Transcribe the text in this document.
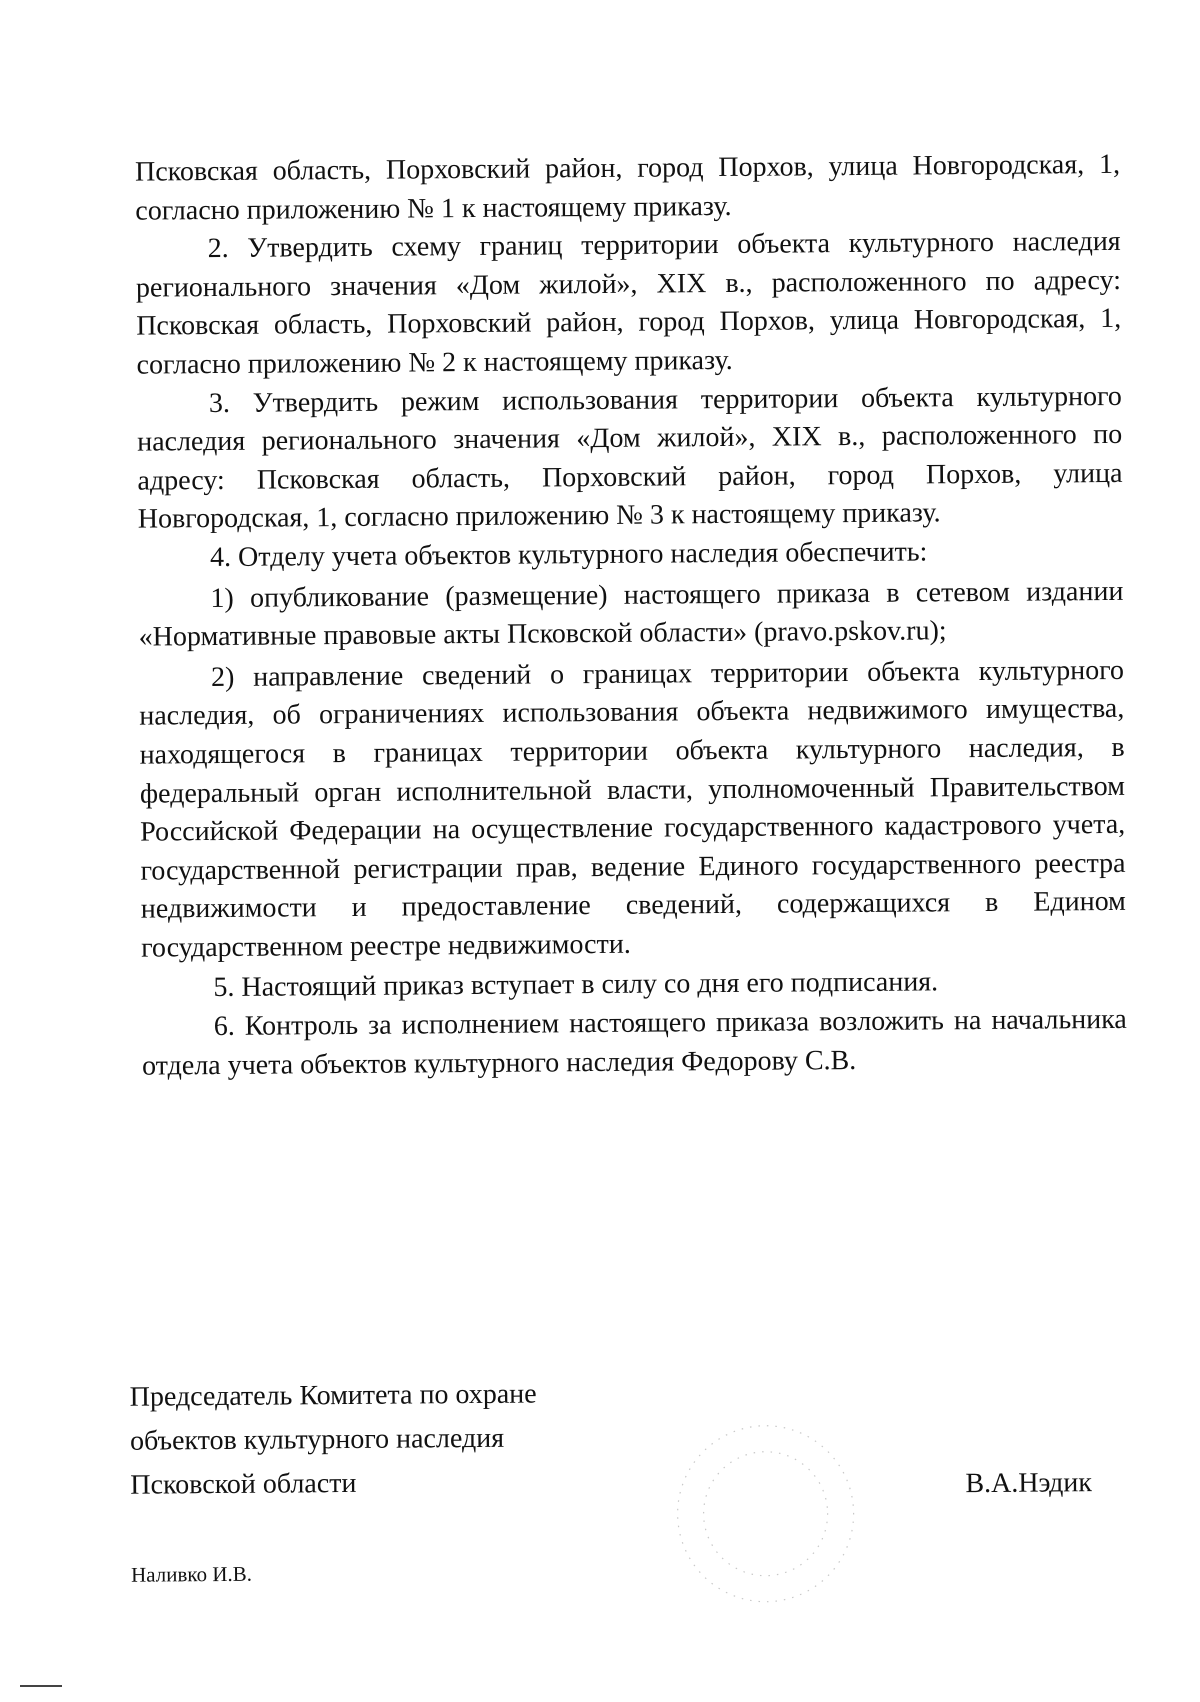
Псковская область, Порховский район, город Порхов, улица Новгородская, 1, согласно приложению № 1 к настоящему приказу.

2. Утвердить схему границ территории объекта культурного наследия регионального значения «Дом жилой», XIX в., расположенного по адресу: Псковская область, Порховский район, город Порхов, улица Новгородская, 1, согласно приложению № 2 к настоящему приказу.

3. Утвердить режим использования территории объекта культурного наследия регионального значения «Дом жилой», XIX в., расположенного по адресу: Псковская область, Порховский район, город Порхов, улица Новгородская, 1, согласно приложению № 3 к настоящему приказу.

4. Отделу учета объектов культурного наследия обеспечить:

1) опубликование (размещение) настоящего приказа в сетевом издании «Нормативные правовые акты Псковской области» (pravo.pskov.ru);

2) направление сведений о границах территории объекта культурного наследия, об ограничениях использования объекта недвижимого имущества, находящегося в границах территории объекта культурного наследия, в федеральный орган исполнительной власти, уполномоченный Правительством Российской Федерации на осуществление государственного кадастрового учета, государственной регистрации прав, ведение Единого государственного реестра недвижимости и предоставление сведений, содержащихся в Едином государственном реестре недвижимости.

5. Настоящий приказ вступает в силу со дня его подписания.

6. Контроль за исполнением настоящего приказа возложить на начальника отдела учета объектов культурного наследия Федорову С.В.

Председатель Комитета по охране
объектов культурного наследия
Псковской области	В.А.Нэдик
Наливко И.В.
